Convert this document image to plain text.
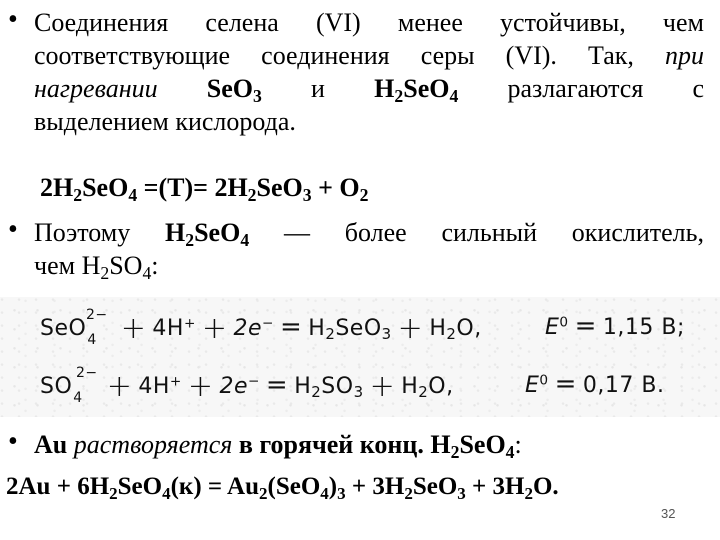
• Соединения селена (VI) менее устойчивы, чем
соответствующие соединения серы (VI). Так, при
нагревании SeO$_3$ и $H_2SeO_4$ разлагаются с
выделением кислорода.
$2H_2SeO_4 =(T)= 2H_2SeO_3 + O_2$
• Поэтому $H_2SeO_4$ — более сильный окислитель,
чем $H_2SO_4$:
SeO$_4$
$2- + 4H^+ + 2e^- = H_2SeO_3 + H_2O$,	$E^0 = 1,15$ В;
$SO_4$
$2- + 4H^+ + 2e^- = H_2SO_3 + H_2O$,	$E^0 = 0,17$ В.
• Au растворяется в горячей конц. $H_2SeO_4$:
$2Au + 6H_2SeO_4(к) = Au_2(SeO_4)_3 + 3H_2SeO_3 + 3H_2O$.
32
